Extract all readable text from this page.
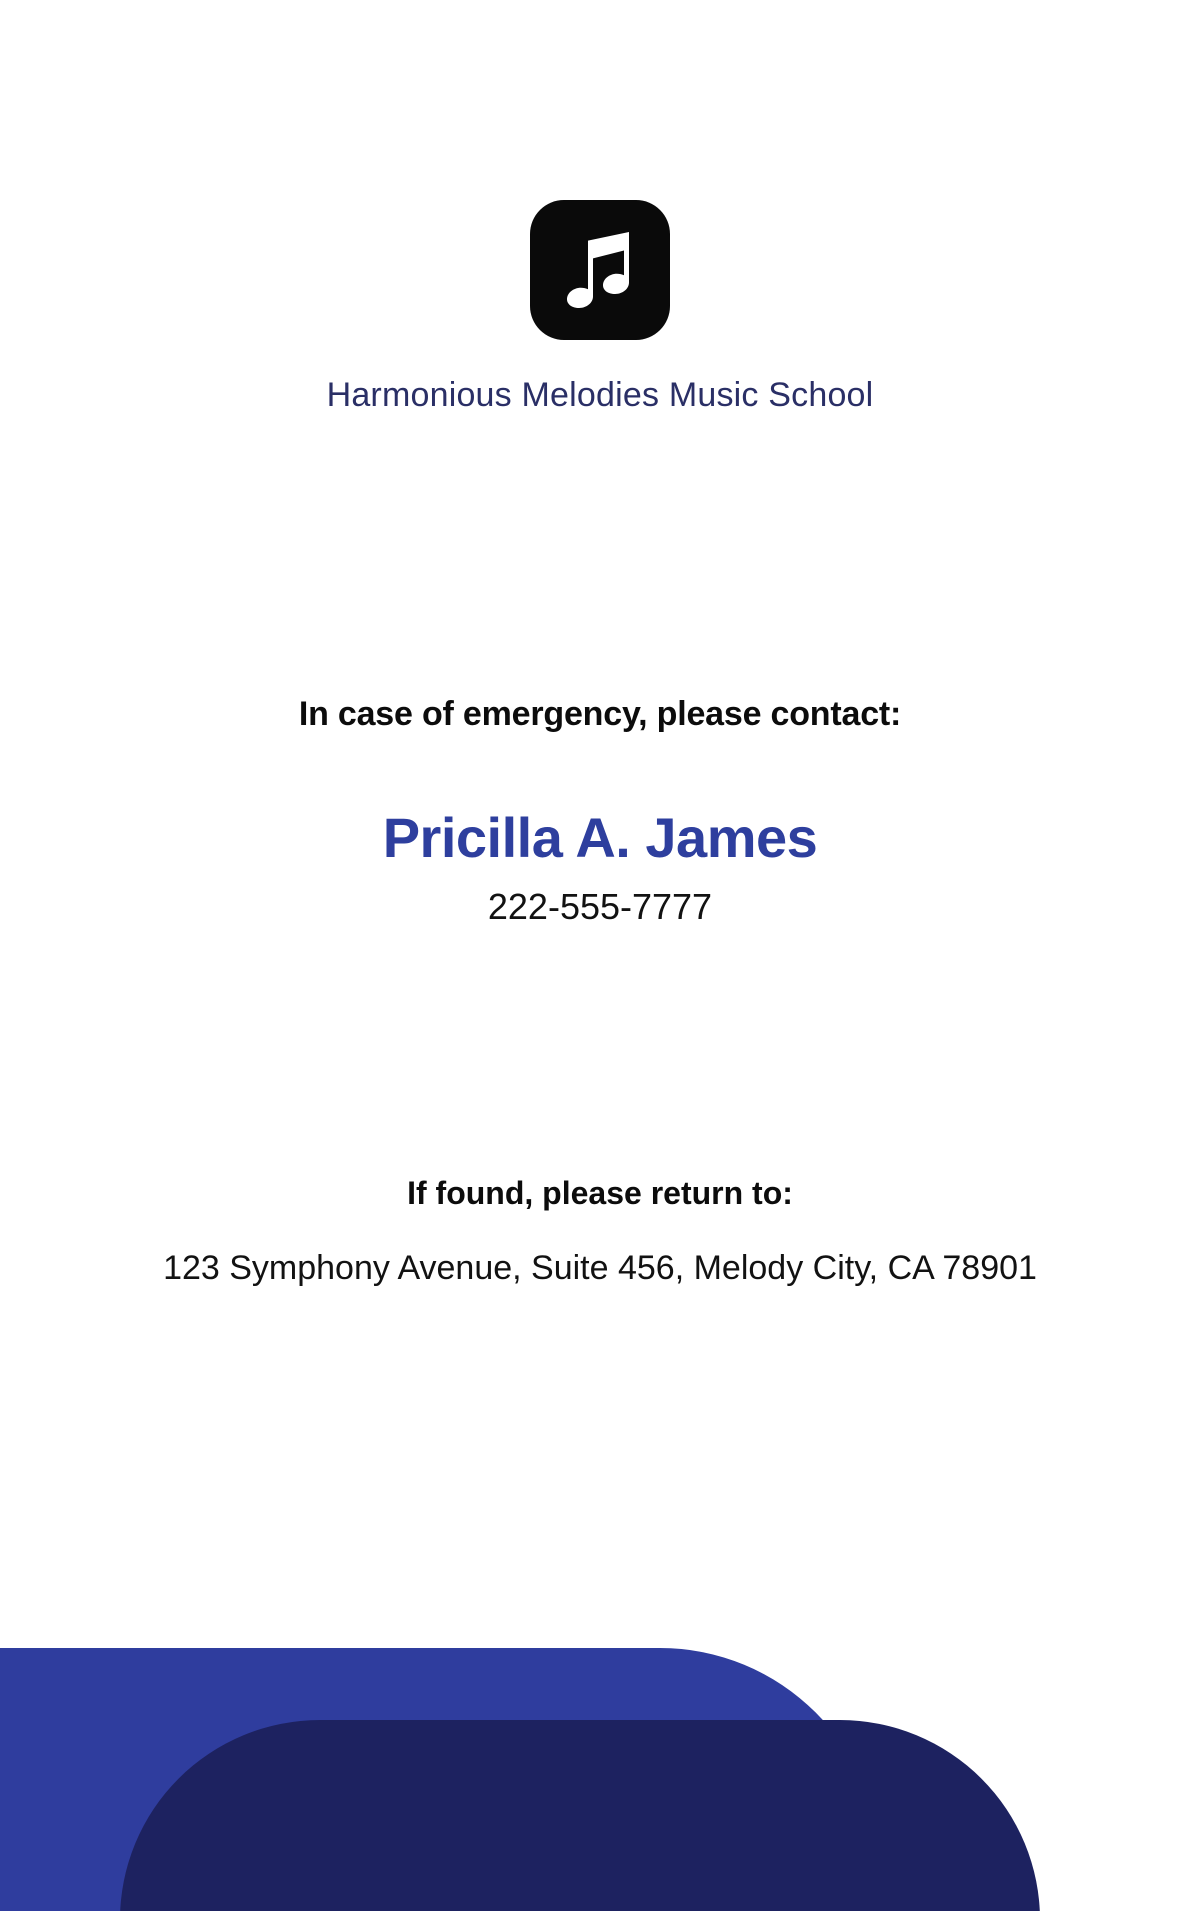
Harmonious Melodies Music School
In case of emergency, please contact:
Pricilla A. James
222-555-7777
If found, please return to:
123 Symphony Avenue, Suite 456, Melody City, CA 78901
